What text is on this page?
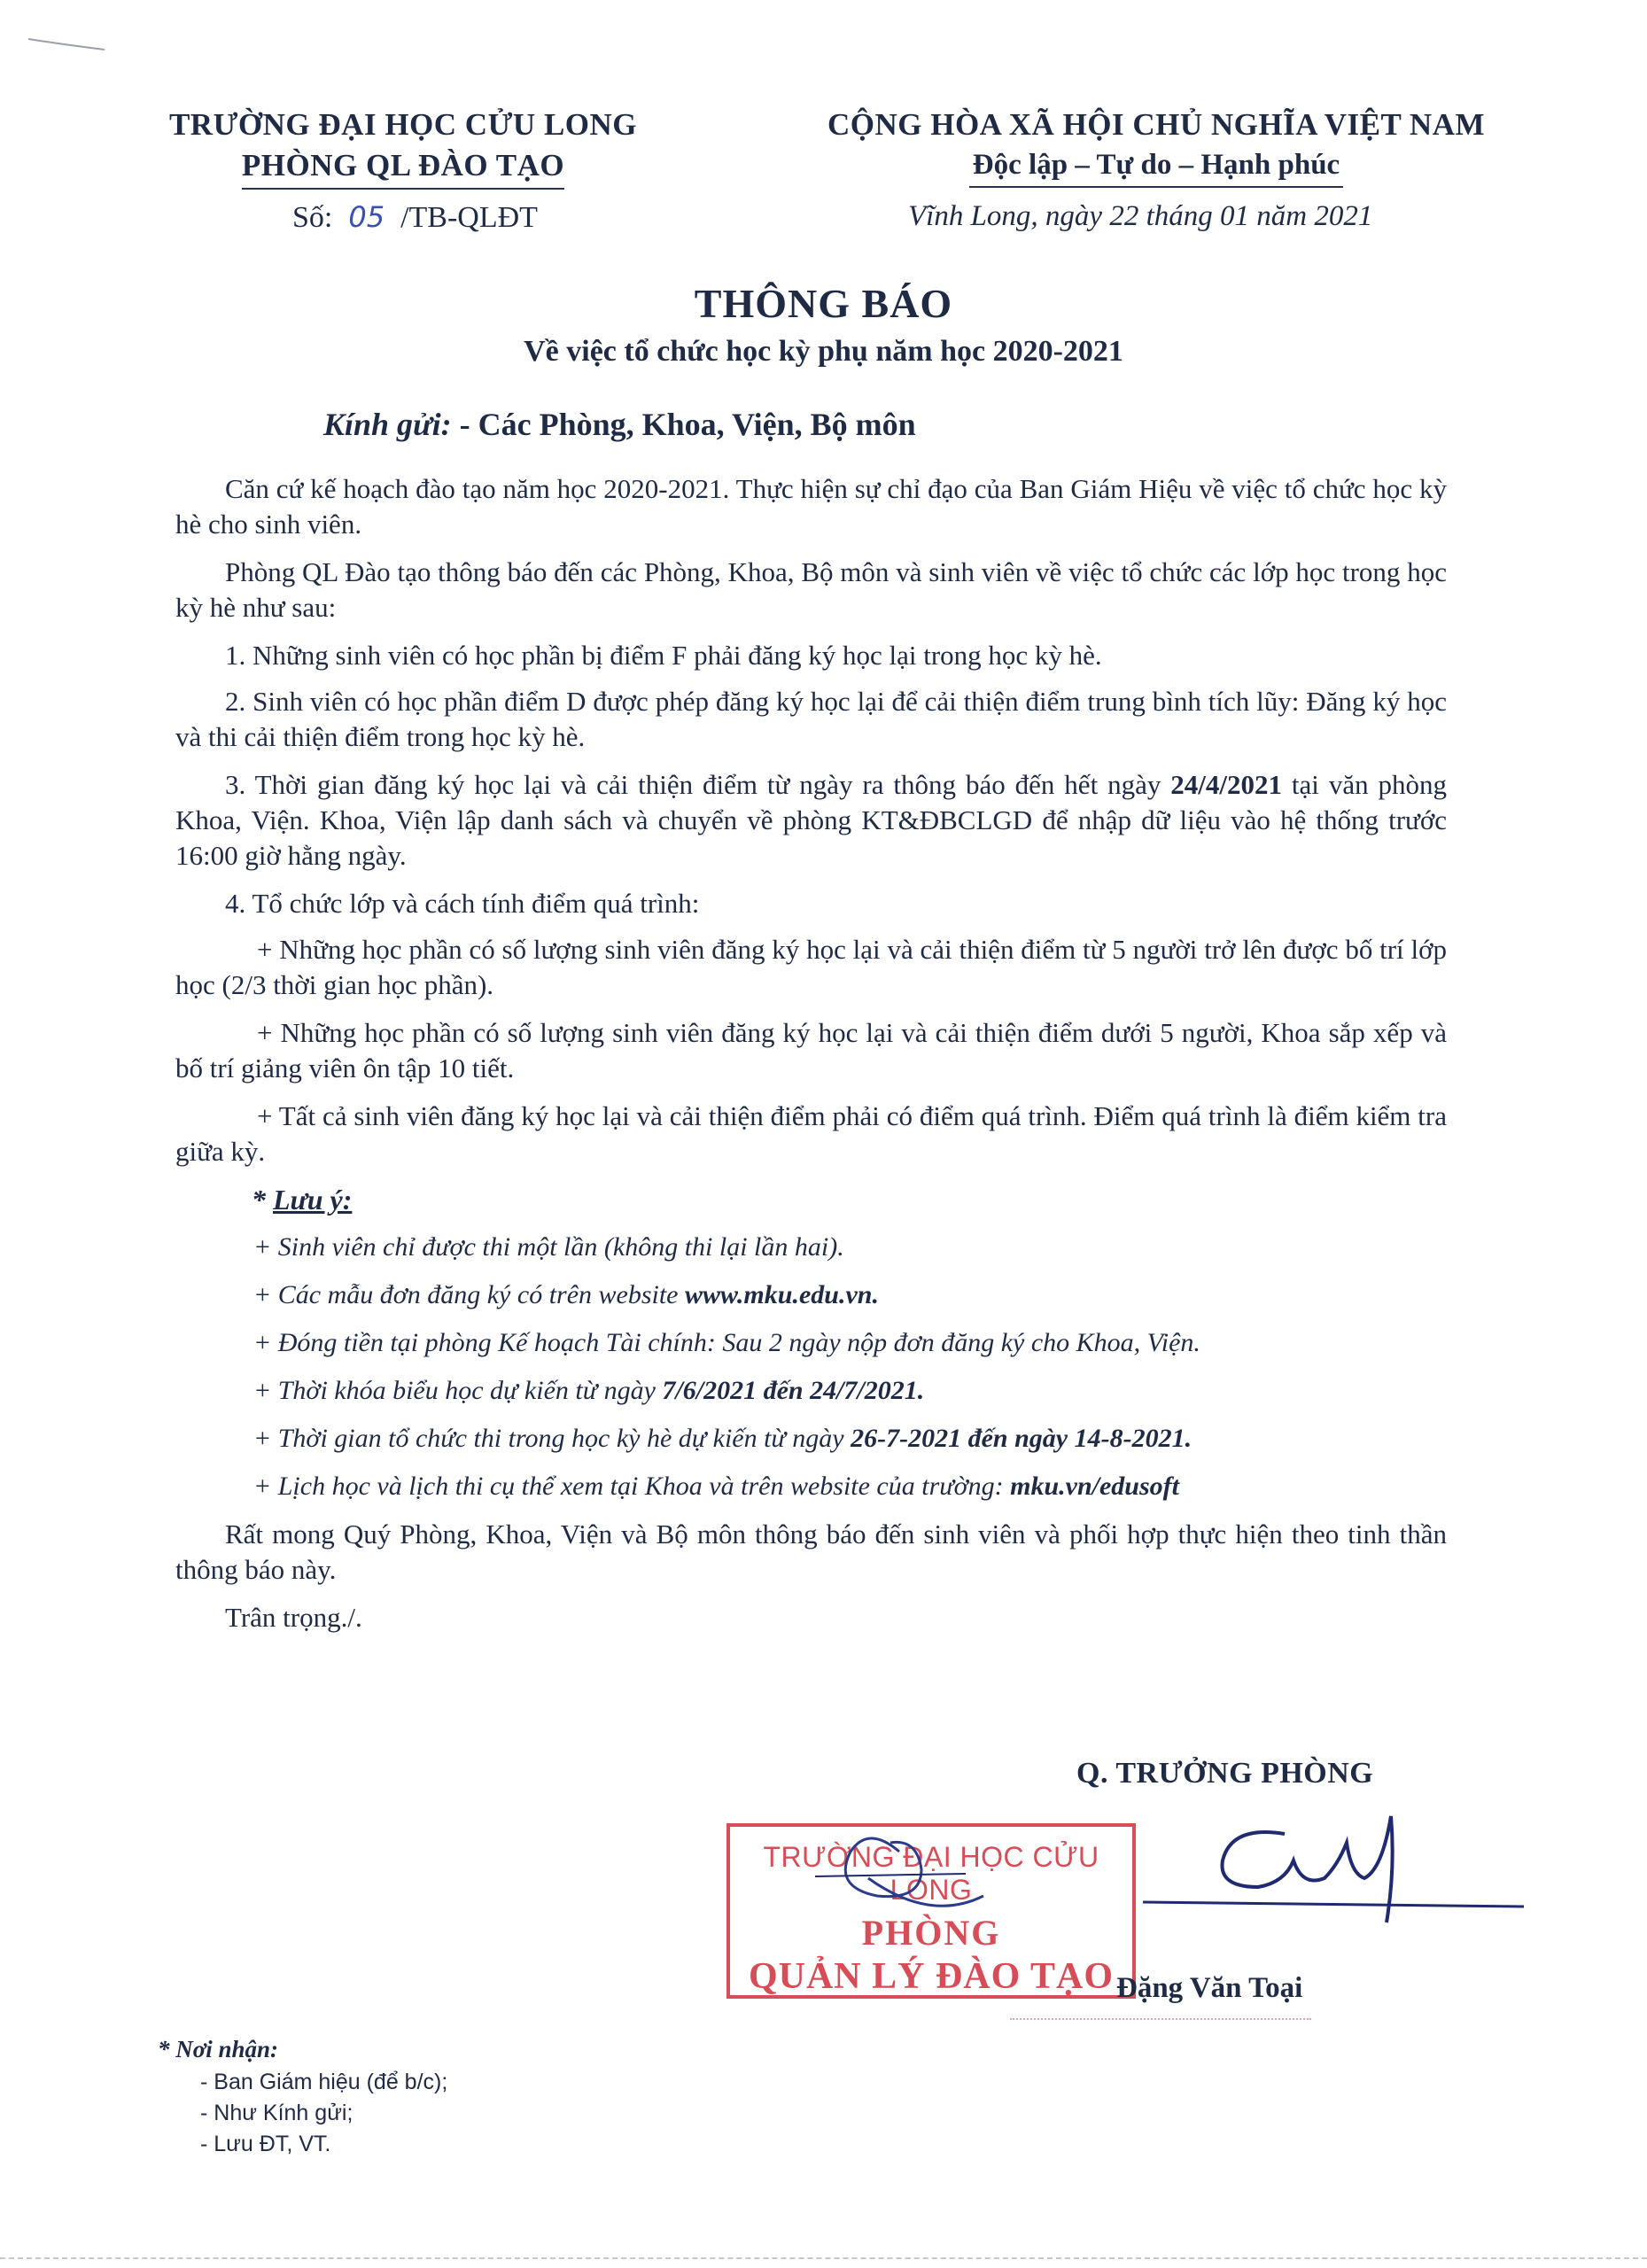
TRƯỜNG ĐẠI HỌC CỬU LONG
PHÒNG QL ĐÀO TẠO
Số: 05 /TB-QLĐT
CỘNG HÒA XÃ HỘI CHỦ NGHĨA VIỆT NAM
Độc lập – Tự do – Hạnh phúc
Vĩnh Long, ngày 22 tháng 01 năm 2021
THÔNG BÁO
Về việc tổ chức học kỳ phụ năm học 2020-2021
Kính gửi: - Các Phòng, Khoa, Viện, Bộ môn

Căn cứ kế hoạch đào tạo năm học 2020-2021. Thực hiện sự chỉ đạo của Ban Giám Hiệu về việc tổ chức học kỳ hè cho sinh viên.

Phòng QL Đào tạo thông báo đến các Phòng, Khoa, Bộ môn và sinh viên về việc tổ chức các lớp học trong học kỳ hè như sau:

1. Những sinh viên có học phần bị điểm F phải đăng ký học lại trong học kỳ hè.

2. Sinh viên có học phần điểm D được phép đăng ký học lại để cải thiện điểm trung bình tích lũy: Đăng ký học và thi cải thiện điểm trong học kỳ hè.

3. Thời gian đăng ký học lại và cải thiện điểm từ ngày ra thông báo đến hết ngày 24/4/2021 tại văn phòng Khoa, Viện. Khoa, Viện lập danh sách và chuyển về phòng KT&ĐBCLGD để nhập dữ liệu vào hệ thống trước 16:00 giờ hằng ngày.

4. Tổ chức lớp và cách tính điểm quá trình:

+ Những học phần có số lượng sinh viên đăng ký học lại và cải thiện điểm từ 5 người trở lên được bố trí lớp học (2/3 thời gian học phần).

+ Những học phần có số lượng sinh viên đăng ký học lại và cải thiện điểm dưới 5 người, Khoa sắp xếp và bố trí giảng viên ôn tập 10 tiết.

+ Tất cả sinh viên đăng ký học lại và cải thiện điểm phải có điểm quá trình. Điểm quá trình là điểm kiểm tra giữa kỳ.

* Lưu ý:

+ Sinh viên chỉ được thi một lần (không thi lại lần hai).

+ Các mẫu đơn đăng ký có trên website www.mku.edu.vn.

+ Đóng tiền tại phòng Kế hoạch Tài chính: Sau 2 ngày nộp đơn đăng ký cho Khoa, Viện.

+ Thời khóa biểu học dự kiến từ ngày 7/6/2021 đến 24/7/2021.

+ Thời gian tổ chức thi trong học kỳ hè dự kiến từ ngày 26-7-2021 đến ngày 14-8-2021.

+ Lịch học và lịch thi cụ thể xem tại Khoa và trên website của trường: mku.vn/edusoft

Rất mong Quý Phòng, Khoa, Viện và Bộ môn thông báo đến sinh viên và phối hợp thực hiện theo tinh thần thông báo này.

Trân trọng./.

Q. TRƯỞNG PHÒNG
TRƯỜNG ĐẠI HỌC CỬU LONG
PHÒNG
QUẢN LÝ ĐÀO TẠO Đặng Văn Toại
* Nơi nhận:
- Ban Giám hiệu (để b/c);
- Như Kính gửi;
- Lưu ĐT, VT.
